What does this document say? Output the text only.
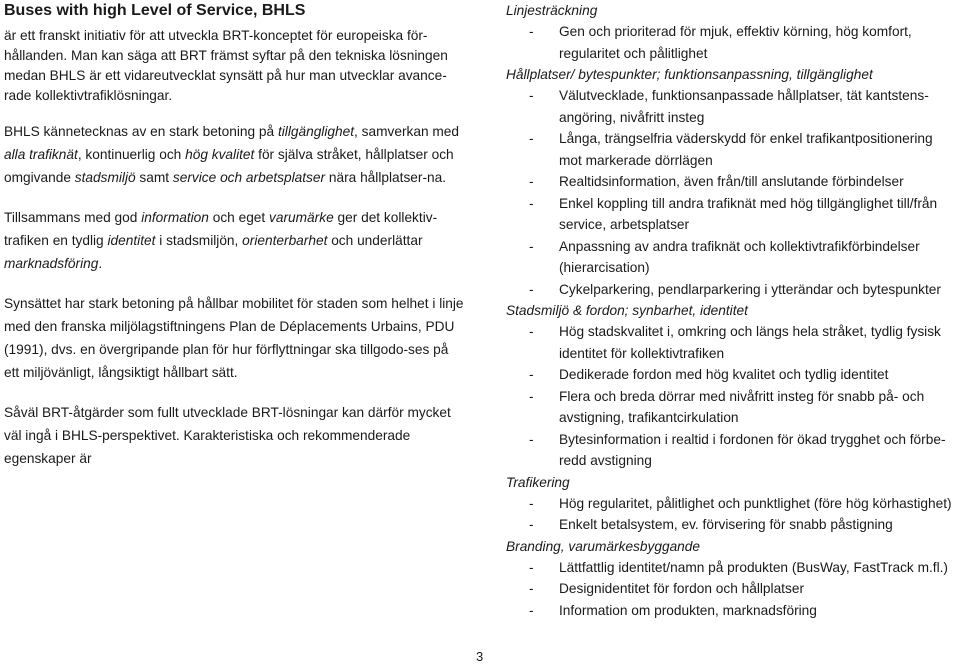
Buses with high Level of Service, BHLS

är ett franskt initiativ för att utveckla BRT-konceptet för europeiska för-hållanden. Man kan säga att BRT främst syftar på den tekniska lösningen medan BHLS är ett vidareutvecklat synsätt på hur man utvecklar avance-rade kollektivtrafiklösningar.

BHLS kännetecknas av en stark betoning på tillgänglighet, samverkan med alla trafiknät, kontinuerlig och hög kvalitet för själva stråket, hållplatser och omgivande stadsmiljö samt service och arbetsplatser nära hållplatser-na.

Tillsammans med god information och eget varumärke ger det kollektiv-trafiken en tydlig identitet i stadsmiljön, orienterbarhet och underlättar marknadsföring.

Synsättet har stark betoning på hållbar mobilitet för staden som helhet i linje med den franska miljölagstiftningens Plan de Déplacements Urbains, PDU (1991), dvs. en övergripande plan för hur förflyttningar ska tillgodo-ses på ett miljövänligt, långsiktigt hållbart sätt.

Såväl BRT-åtgärder som fullt utvecklade BRT-lösningar kan därför mycket väl ingå i BHLS-perspektivet. Karakteristiska och rekommenderade egenskaper är

Linjesträckning
-	Gen och prioriterad för mjuk, effektiv körning, hög komfort, regularitet och pålitlighet
Hållplatser/ bytespunkter; funktionsanpassning, tillgänglighet
-	Välutvecklade, funktionsanpassade hållplatser, tät kantstens-angöring, nivåfritt insteg
-	Långa, trängselfria väderskydd för enkel trafikantpositionering mot markerade dörrlägen
-	Realtidsinformation, även från/till anslutande förbindelser
-	Enkel koppling till andra trafiknät med hög tillgänglighet till/från service, arbetsplatser
-	Anpassning av andra trafiknät och kollektivtrafikförbindelser (hierarcisation)
-	Cykelparkering, pendlarparkering i ytterändar och bytespunkter
Stadsmiljö & fordon; synbarhet, identitet
-	Hög stadskvalitet i, omkring och längs hela stråket, tydlig fysisk identitet för kollektivtrafiken
-	Dedikerade fordon med hög kvalitet och tydlig identitet
-	Flera och breda dörrar med nivåfritt insteg för snabb på- och avstigning, trafikantcirkulation
-	Bytesinformation i realtid i fordonen för ökad trygghet och förbe-redd avstigning
Trafikering
-	Hög regularitet, pålitlighet och punktlighet (före hög körhastighet)
-	Enkelt betalsystem, ev. förvisering för snabb påstigning
Branding, varumärkesbyggande
-	Lättfattlig identitet/namn på produkten (BusWay, FastTrack m.fl.)
-	Designidentitet för fordon och hållplatser
-	Information om produkten, marknadsföring
3
